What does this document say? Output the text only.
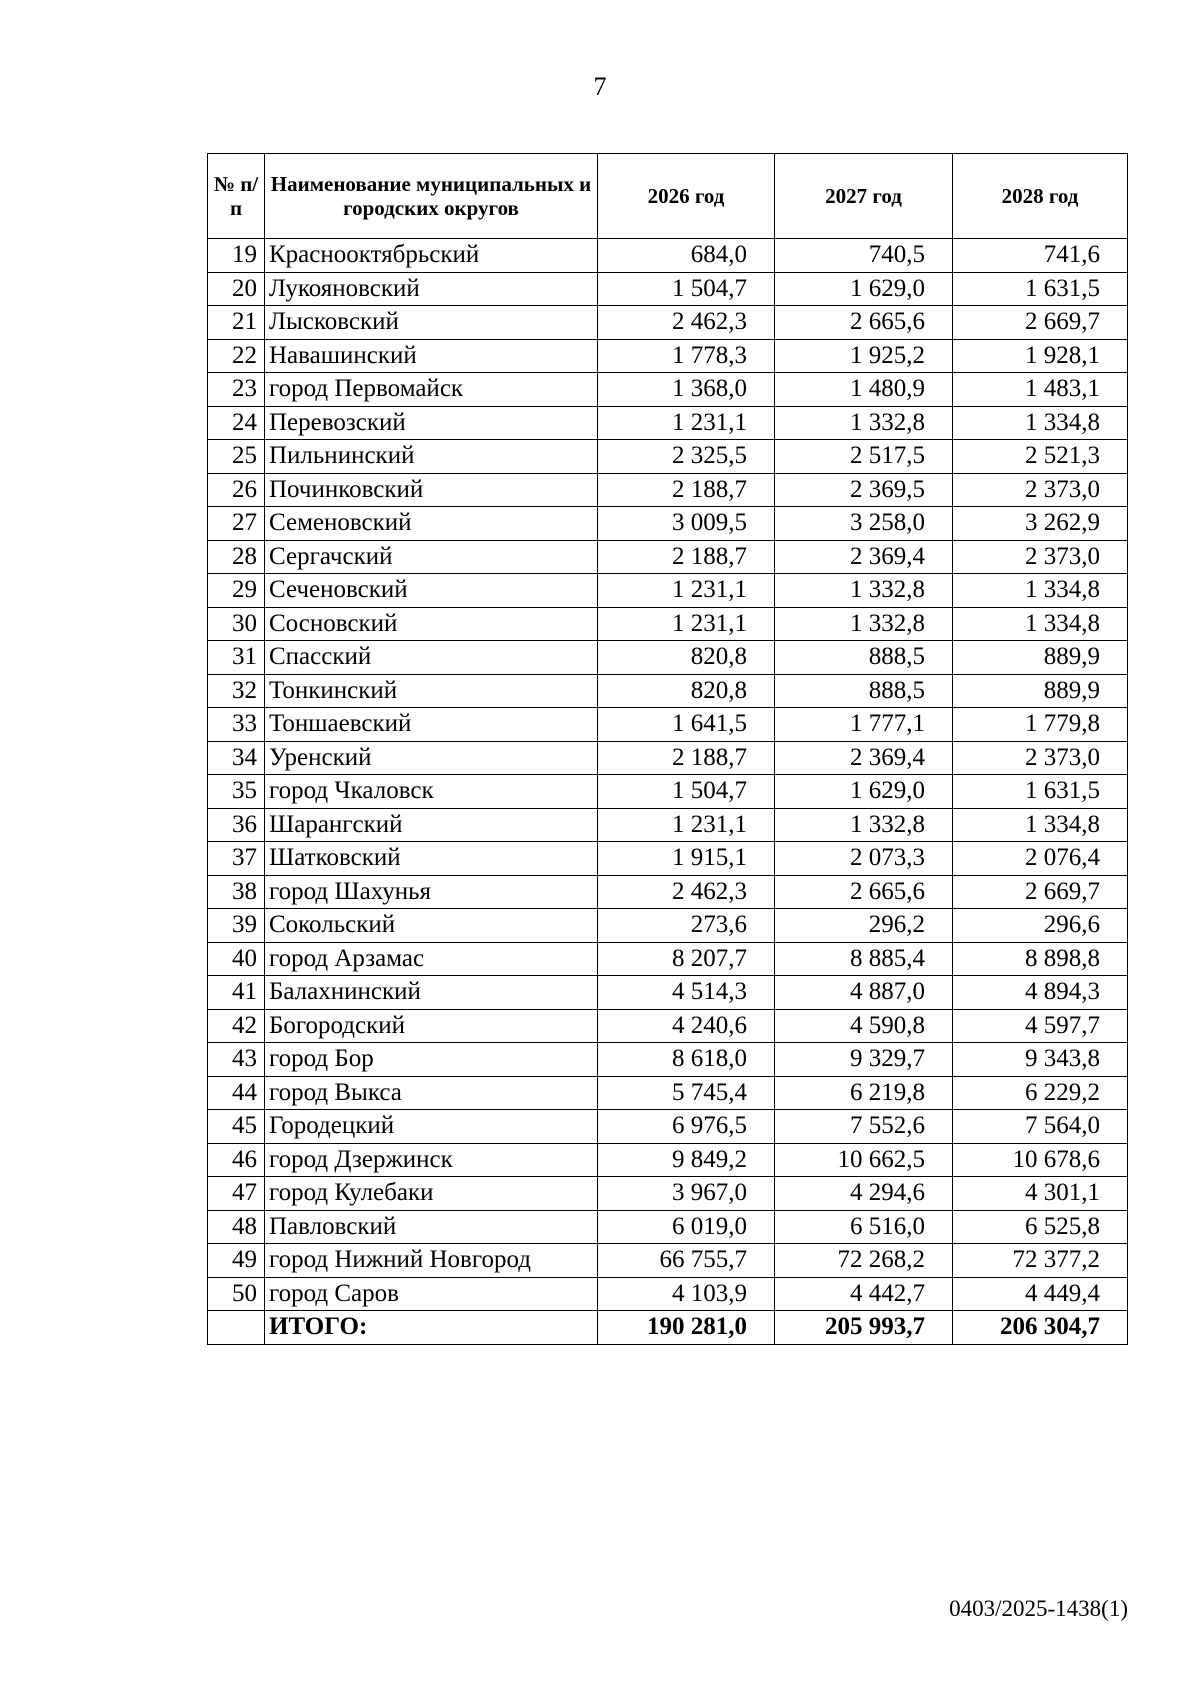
7
№ п/п	Наименование муниципальных и городских округов	2026 год	2027 год	2028 год
19	Краснооктябрьский	684,0	740,5	741,6
20	Лукояновский	1 504,7	1 629,0	1 631,5
21	Лысковский	2 462,3	2 665,6	2 669,7
22	Навашинский	1 778,3	1 925,2	1 928,1
23	город Первомайск	1 368,0	1 480,9	1 483,1
24	Перевозский	1 231,1	1 332,8	1 334,8
25	Пильнинский	2 325,5	2 517,5	2 521,3
26	Починковский	2 188,7	2 369,5	2 373,0
27	Семеновский	3 009,5	3 258,0	3 262,9
28	Сергачский	2 188,7	2 369,4	2 373,0
29	Сеченовский	1 231,1	1 332,8	1 334,8
30	Сосновский	1 231,1	1 332,8	1 334,8
31	Спасский	820,8	888,5	889,9
32	Тонкинский	820,8	888,5	889,9
33	Тоншаевский	1 641,5	1 777,1	1 779,8
34	Уренский	2 188,7	2 369,4	2 373,0
35	город Чкаловск	1 504,7	1 629,0	1 631,5
36	Шарангский	1 231,1	1 332,8	1 334,8
37	Шатковский	1 915,1	2 073,3	2 076,4
38	город Шахунья	2 462,3	2 665,6	2 669,7
39	Сокольский	273,6	296,2	296,6
40	город Арзамас	8 207,7	8 885,4	8 898,8
41	Балахнинский	4 514,3	4 887,0	4 894,3
42	Богородский	4 240,6	4 590,8	4 597,7
43	город Бор	8 618,0	9 329,7	9 343,8
44	город Выкса	5 745,4	6 219,8	6 229,2
45	Городецкий	6 976,5	7 552,6	7 564,0
46	город Дзержинск	9 849,2	10 662,5	10 678,6
47	город Кулебаки	3 967,0	4 294,6	4 301,1
48	Павловский	6 019,0	6 516,0	6 525,8
49	город Нижний Новгород	66 755,7	72 268,2	72 377,2
50	город Саров	4 103,9	4 442,7	4 449,4
	ИТОГО:	190 281,0	205 993,7	206 304,7
0403/2025-1438(1)
